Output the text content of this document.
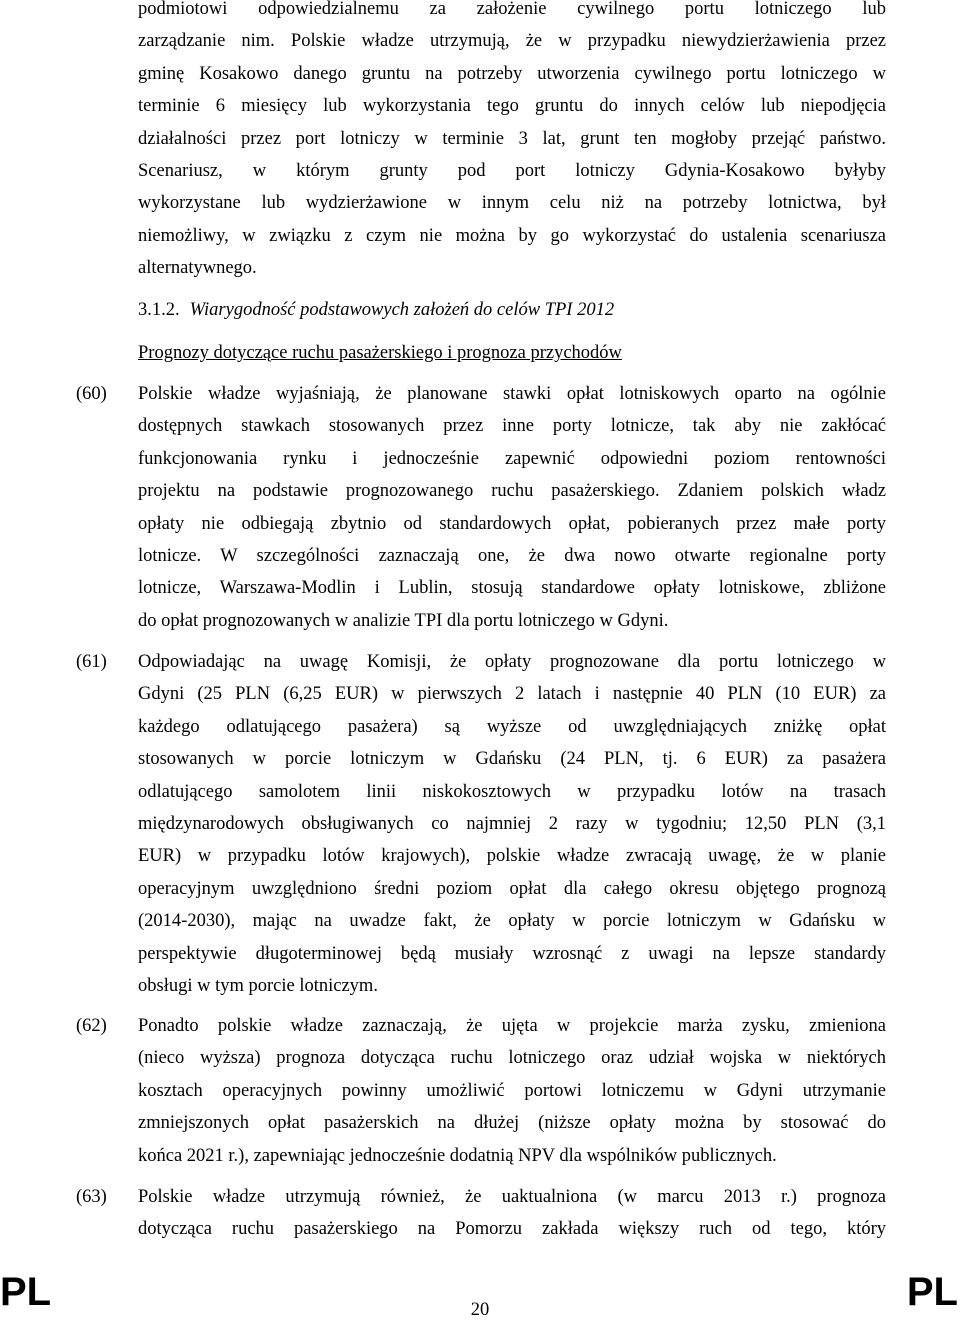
podmiotowi odpowiedzialnemu za założenie cywilnego portu lotniczego lub
zarządzanie nim. Polskie władze utrzymują, że w przypadku niewydzierżawienia przez
gminę Kosakowo danego gruntu na potrzeby utworzenia cywilnego portu lotniczego w
terminie 6 miesięcy lub wykorzystania tego gruntu do innych celów lub niepodjęcia
działalności przez port lotniczy w terminie 3 lat, grunt ten mogłoby przejąć państwo.
Scenariusz, w którym grunty pod port lotniczy Gdynia-Kosakowo byłyby
wykorzystane lub wydzierżawione w innym celu niż na potrzeby lotnictwa, był
niemożliwy, w związku z czym nie można by go wykorzystać do ustalenia scenariusza
alternatywnego.
3.1.2. Wiarygodność podstawowych założeń do celów TPI 2012
Prognozy dotyczące ruchu pasażerskiego i prognoza przychodów
(60) Polskie władze wyjaśniają, że planowane stawki opłat lotniskowych oparto na ogólnie
dostępnych stawkach stosowanych przez inne porty lotnicze, tak aby nie zakłócać
funkcjonowania rynku i jednocześnie zapewnić odpowiedni poziom rentowności
projektu na podstawie prognozowanego ruchu pasażerskiego. Zdaniem polskich władz
opłaty nie odbiegają zbytnio od standardowych opłat, pobieranych przez małe porty
lotnicze. W szczególności zaznaczają one, że dwa nowo otwarte regionalne porty
lotnicze, Warszawa-Modlin i Lublin, stosują standardowe opłaty lotniskowe, zbliżone
do opłat prognozowanych w analizie TPI dla portu lotniczego w Gdyni.
(61) Odpowiadając na uwagę Komisji, że opłaty prognozowane dla portu lotniczego w
Gdyni (25 PLN (6,25 EUR) w pierwszych 2 latach i następnie 40 PLN (10 EUR) za
każdego odlatującego pasażera) są wyższe od uwzględniających zniżkę opłat
stosowanych w porcie lotniczym w Gdańsku (24 PLN, tj. 6 EUR) za pasażera
odlatującego samolotem linii niskokosztowych w przypadku lotów na trasach
międzynarodowych obsługiwanych co najmniej 2 razy w tygodniu; 12,50 PLN (3,1
EUR) w przypadku lotów krajowych), polskie władze zwracają uwagę, że w planie
operacyjnym uwzględniono średni poziom opłat dla całego okresu objętego prognozą
(2014-2030), mając na uwadze fakt, że opłaty w porcie lotniczym w Gdańsku w
perspektywie długoterminowej będą musiały wzrosnąć z uwagi na lepsze standardy
obsługi w tym porcie lotniczym.
(62) Ponadto polskie władze zaznaczają, że ujęta w projekcie marża zysku, zmieniona
(nieco wyższa) prognoza dotycząca ruchu lotniczego oraz udział wojska w niektórych
kosztach operacyjnych powinny umożliwić portowi lotniczemu w Gdyni utrzymanie
zmniejszonych opłat pasażerskich na dłużej (niższe opłaty można by stosować do
końca 2021 r.), zapewniając jednocześnie dodatnią NPV dla wspólników publicznych.
(63) Polskie władze utrzymują również, że uaktualniona (w marcu 2013 r.) prognoza
dotycząca ruchu pasażerskiego na Pomorzu zakłada większy ruch od tego, który
PL	20	PL
